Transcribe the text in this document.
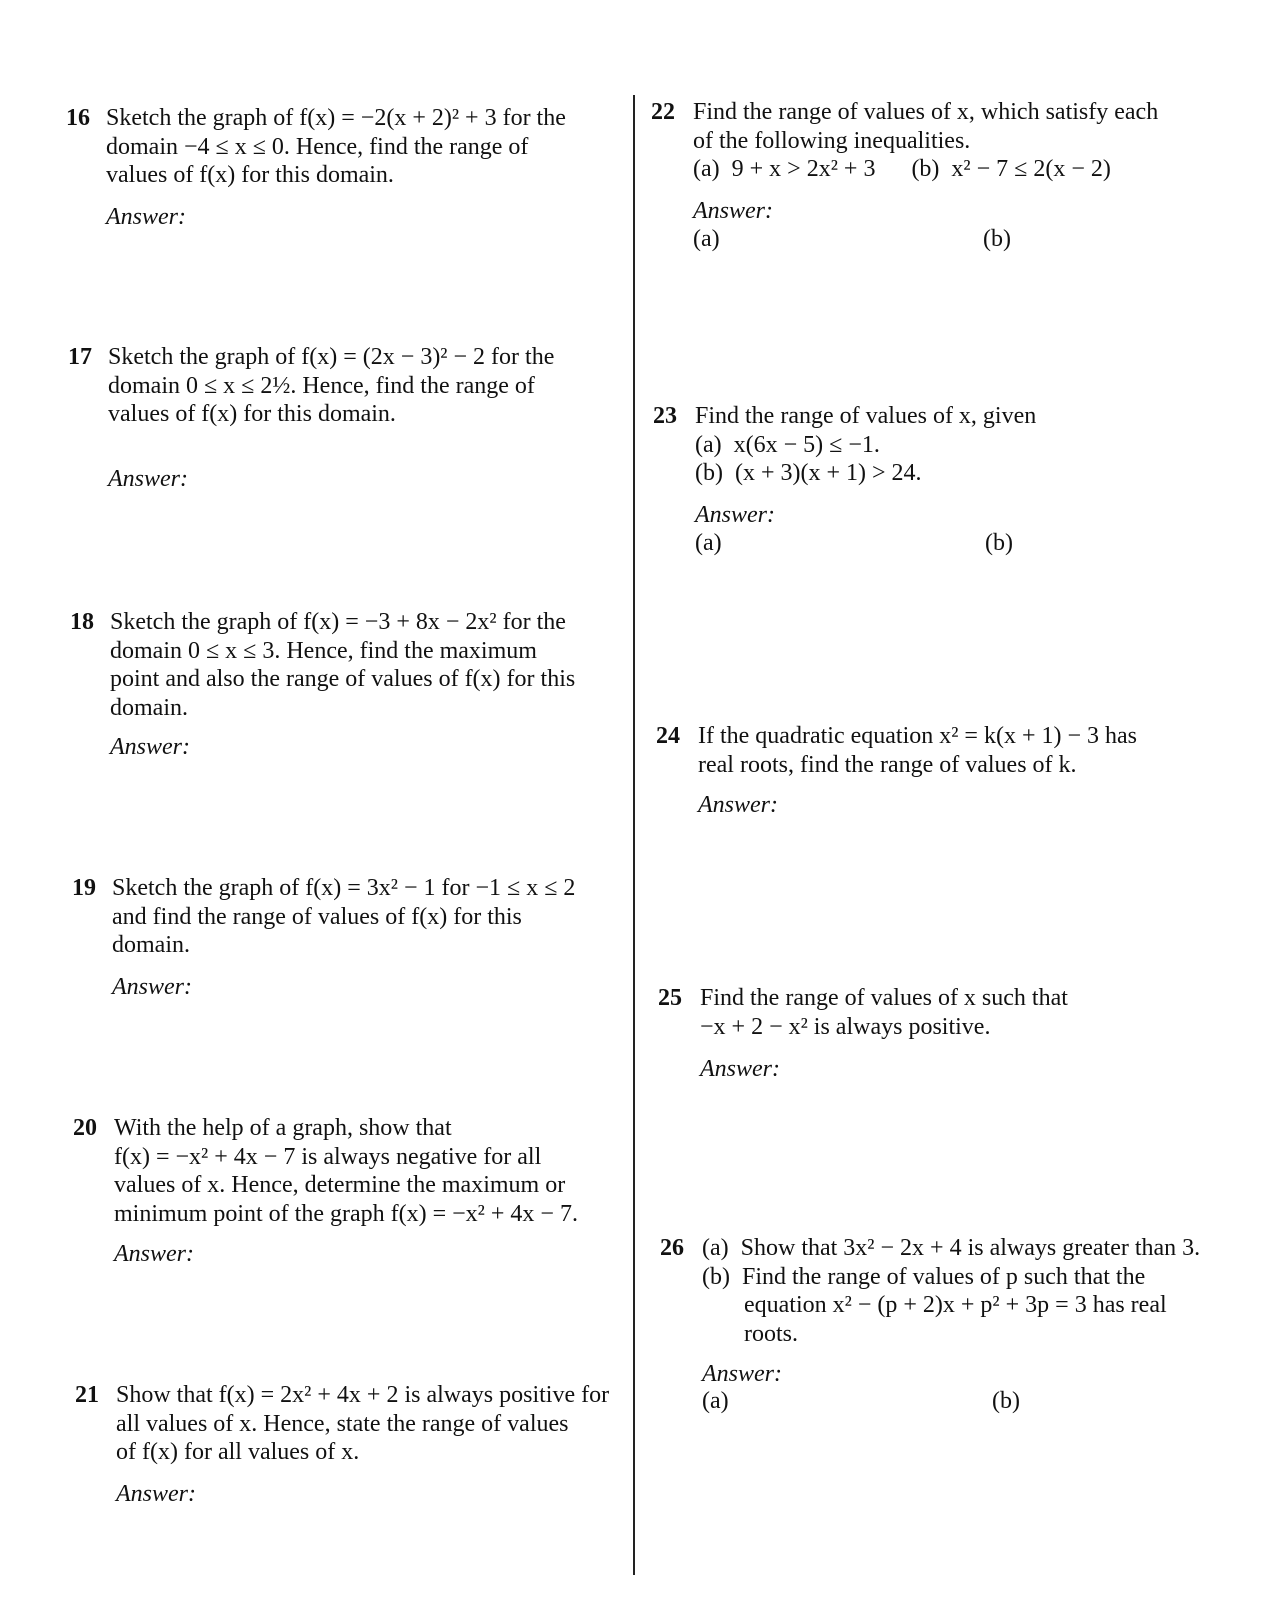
16 Sketch the graph of f(x) = −2(x + 2)² + 3 for the
domain −4 ≤ x ≤ 0. Hence, find the range of
values of f(x) for this domain.
Answer:
17 Sketch the graph of f(x) = (2x − 3)² − 2 for the
domain 0 ≤ x ≤ 2½. Hence, find the range of
values of f(x) for this domain.
Answer:
18 Sketch the graph of f(x) = −3 + 8x − 2x² for the
domain 0 ≤ x ≤ 3. Hence, find the maximum
point and also the range of values of f(x) for this
domain.
Answer:
19 Sketch the graph of f(x) = 3x² − 1 for −1 ≤ x ≤ 2
and find the range of values of f(x) for this
domain.
Answer:
20 With the help of a graph, show that
f(x) = −x² + 4x − 7 is always negative for all
values of x. Hence, determine the maximum or
minimum point of the graph f(x) = −x² + 4x − 7.
Answer:
21 Show that f(x) = 2x² + 4x + 2 is always positive for
all values of x. Hence, state the range of values
of f(x) for all values of x.
Answer:
22 Find the range of values of x, which satisfy each
of the following inequalities.
(a)  9 + x > 2x² + 3      (b)  x² − 7 ≤ 2(x − 2)
Answer:
(a)	(b)
23 Find the range of values of x, given
(a)  x(6x − 5) ≤ −1.
(b)  (x + 3)(x + 1) > 24.
Answer:
(a)	(b)
24 If the quadratic equation x² = k(x + 1) − 3 has
real roots, find the range of values of k.
Answer:
25 Find the range of values of x such that
−x + 2 − x² is always positive.
Answer:
26 (a)  Show that 3x² − 2x + 4 is always greater than 3.
(b)  Find the range of values of p such that the
equation x² − (p + 2)x + p² + 3p = 3 has real
roots.
Answer:
(a)	(b)
